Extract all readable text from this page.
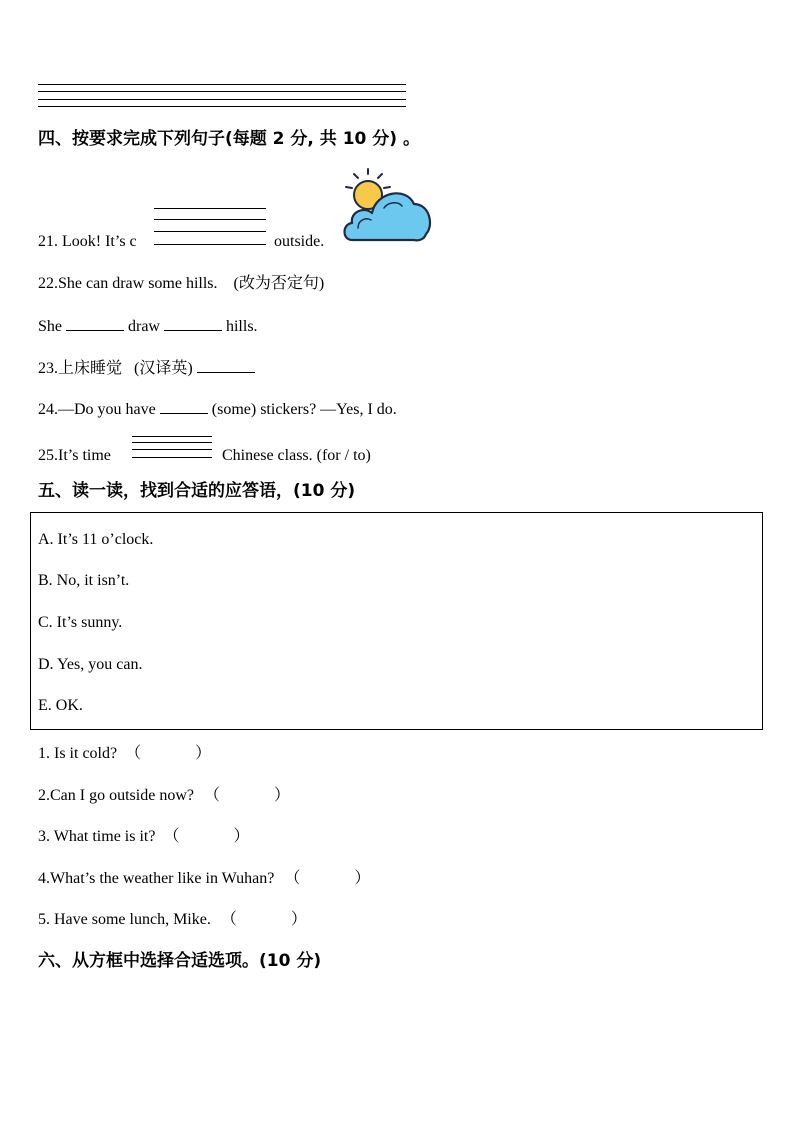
四、按要求完成下列句子(每题 2 分, 共 10 分) 。
21. Look! It’s c	outside.
22.She can draw some hills. (改为否定句)
She	draw	hills.
23.上床睡觉 (汉译英)
24.—Do you have	(some) stickers? —Yes, I do.
25.It’s time	Chinese class. (for / to)
五、读一读，找到合适的应答语，(10 分)
A. It’s 11 o’clock.
B. No, it isn’t.
C. It’s sunny.
D. Yes, you can.
E. OK.
1. Is it cold? （	）
2.Can I go outside now? （	）
3. What time is it? （	）
4.What’s the weather like in Wuhan? （	）
5. Have some lunch, Mike. （	）
六、从方框中选择合适选项。(10 分)
